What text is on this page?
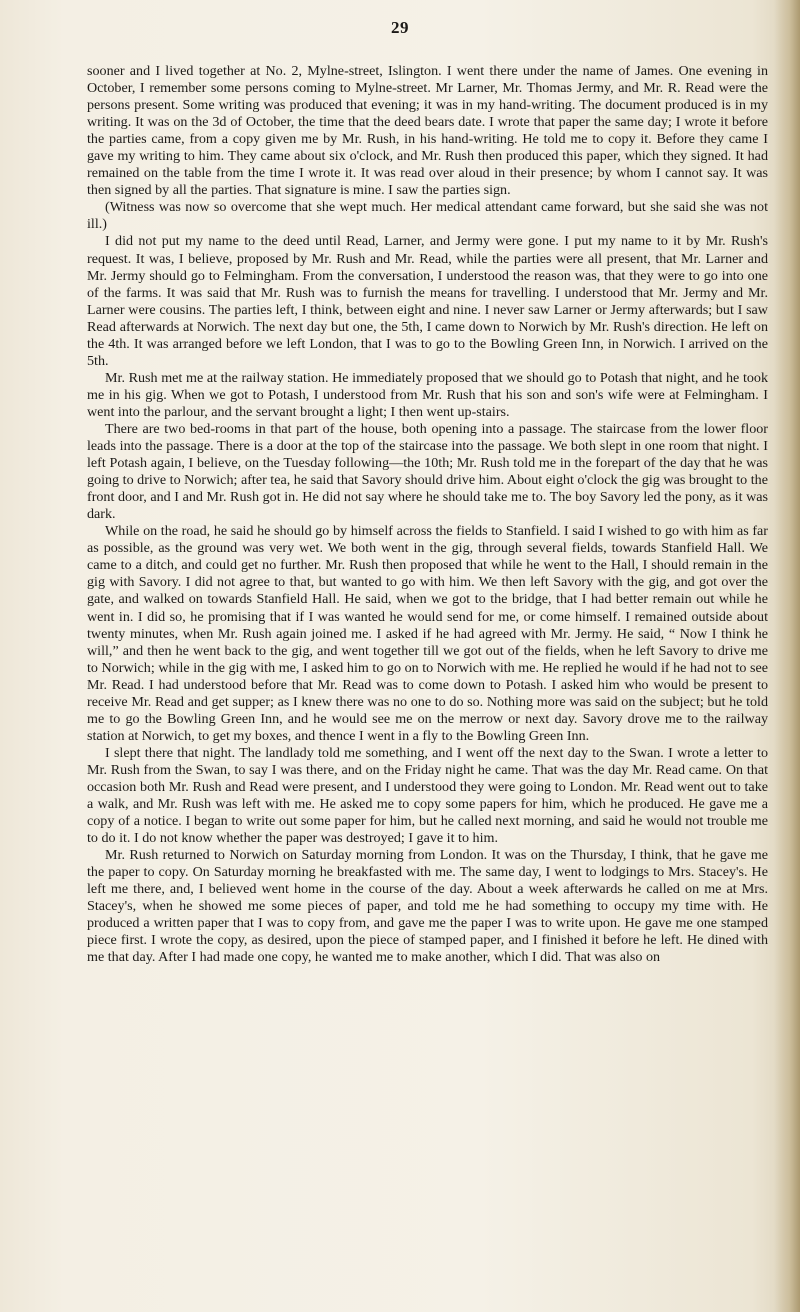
29

sooner and I lived together at No. 2, Mylne-street, Islington. I went there under the name of James. One evening in October, I remember some persons coming to Mylne-street. Mr Larner, Mr. Thomas Jermy, and Mr. R. Read were the persons present. Some writing was produced that evening; it was in my hand-writing. The document produced is in my writing. It was on the 3d of October, the time that the deed bears date. I wrote that paper the same day; I wrote it before the parties came, from a copy given me by Mr. Rush, in his hand-writing. He told me to copy it. Before they came I gave my writing to him. They came about six o'clock, and Mr. Rush then produced this paper, which they signed. It had remained on the table from the time I wrote it. It was read over aloud in their presence; by whom I cannot say. It was then signed by all the parties. That signature is mine. I saw the parties sign.

(Witness was now so overcome that she wept much. Her medical attendant came forward, but she said she was not ill.)

I did not put my name to the deed until Read, Larner, and Jermy were gone. I put my name to it by Mr. Rush's request. It was, I believe, proposed by Mr. Rush and Mr. Read, while the parties were all present, that Mr. Larner and Mr. Jermy should go to Felmingham. From the conversation, I understood the reason was, that they were to go into one of the farms. It was said that Mr. Rush was to furnish the means for travelling. I understood that Mr. Jermy and Mr. Larner were cousins. The parties left, I think, between eight and nine. I never saw Larner or Jermy afterwards; but I saw Read afterwards at Norwich. The next day but one, the 5th, I came down to Norwich by Mr. Rush's direction. He left on the 4th. It was arranged before we left London, that I was to go to the Bowling Green Inn, in Norwich. I arrived on the 5th.

Mr. Rush met me at the railway station. He immediately proposed that we should go to Potash that night, and he took me in his gig. When we got to Potash, I understood from Mr. Rush that his son and son's wife were at Felmingham. I went into the parlour, and the servant brought a light; I then went up-stairs.

There are two bed-rooms in that part of the house, both opening into a passage. The staircase from the lower floor leads into the passage. There is a door at the top of the staircase into the passage. We both slept in one room that night. I left Potash again, I believe, on the Tuesday following—the 10th; Mr. Rush told me in the forepart of the day that he was going to drive to Norwich; after tea, he said that Savory should drive him. About eight o'clock the gig was brought to the front door, and I and Mr. Rush got in. He did not say where he should take me to. The boy Savory led the pony, as it was dark.

While on the road, he said he should go by himself across the fields to Stanfield. I said I wished to go with him as far as possible, as the ground was very wet. We both went in the gig, through several fields, towards Stanfield Hall. We came to a ditch, and could get no further. Mr. Rush then proposed that while he went to the Hall, I should remain in the gig with Savory. I did not agree to that, but wanted to go with him. We then left Savory with the gig, and got over the gate, and walked on towards Stanfield Hall. He said, when we got to the bridge, that I had better remain out while he went in. I did so, he promising that if I was wanted he would send for me, or come himself. I remained outside about twenty minutes, when Mr. Rush again joined me. I asked if he had agreed with Mr. Jermy. He said, “ Now I think he will,” and then he went back to the gig, and went together till we got out of the fields, when he left Savory to drive me to Norwich; while in the gig with me, I asked him to go on to Norwich with me. He replied he would if he had not to see Mr. Read. I had understood before that Mr. Read was to come down to Potash. I asked him who would be present to receive Mr. Read and get supper; as I knew there was no one to do so. Nothing more was said on the subject; but he told me to go the Bowling Green Inn, and he would see me on the merrow or next day. Savory drove me to the railway station at Norwich, to get my boxes, and thence I went in a fly to the Bowling Green Inn.

I slept there that night. The landlady told me something, and I went off the next day to the Swan. I wrote a letter to Mr. Rush from the Swan, to say I was there, and on the Friday night he came. That was the day Mr. Read came. On that occasion both Mr. Rush and Read were present, and I understood they were going to London. Mr. Read went out to take a walk, and Mr. Rush was left with me. He asked me to copy some papers for him, which he produced. He gave me a copy of a notice. I began to write out some paper for him, but he called next morning, and said he would not trouble me to do it. I do not know whether the paper was destroyed; I gave it to him.

Mr. Rush returned to Norwich on Saturday morning from London. It was on the Thursday, I think, that he gave me the paper to copy. On Saturday morning he breakfasted with me. The same day, I went to lodgings to Mrs. Stacey's. He left me there, and, I believed went home in the course of the day. About a week afterwards he called on me at Mrs. Stacey's, when he showed me some pieces of paper, and told me he had something to occupy my time with. He produced a written paper that I was to copy from, and gave me the paper I was to write upon. He gave me one stamped piece first. I wrote the copy, as desired, upon the piece of stamped paper, and I finished it before he left. He dined with me that day. After I had made one copy, he wanted me to make another, which I did. That was also on
